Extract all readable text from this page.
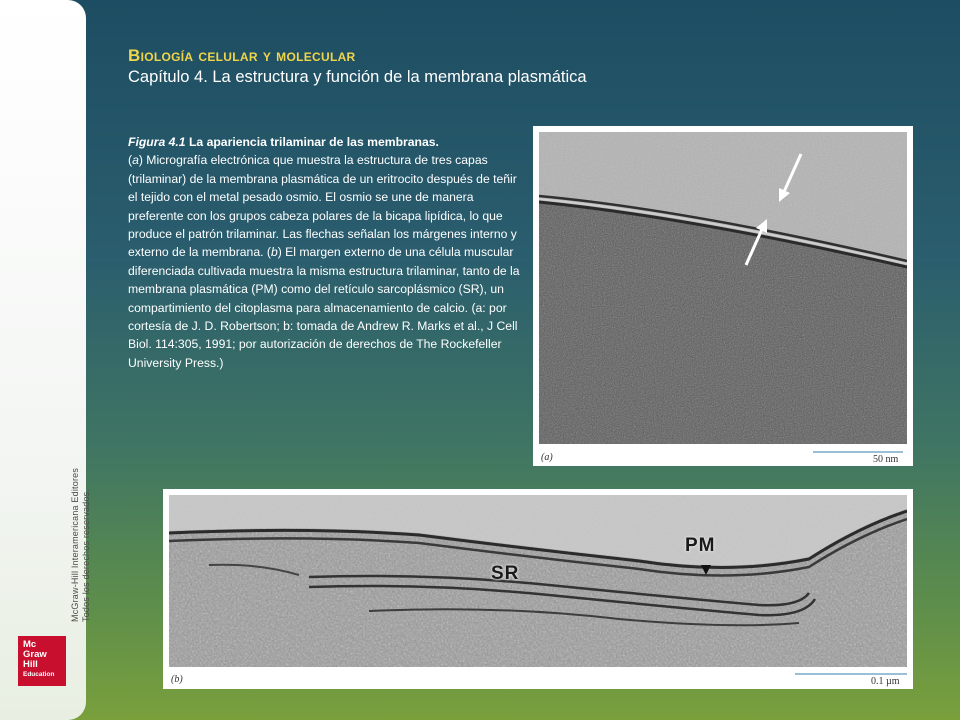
McGraw-Hill Interamericana Editores Todos los derechos reservados.
Mc
Graw
Hill
Education
Biología celular y molecular
Capítulo 4. La estructura y función de la membrana plasmática
Figura 4.1 La apariencia trilaminar de las membranas.
(a) Micrografía electrónica que muestra la estructura de tres capas (trilaminar) de la membrana plasmática de un eritrocito después de teñir el tejido con el metal pesado osmio. El osmio se une de manera preferente con los grupos cabeza polares de la bicapa lipídica, lo que produce el patrón trilaminar. Las flechas señalan los márgenes interno y externo de la membrana. (b) El margen externo de una célula muscular diferenciada cultivada muestra la misma estructura trilaminar, tanto de la membrana plasmática (PM) como del retículo sarcoplásmico (SR), un compartimiento del citoplasma para almacenamiento de calcio. (a: por cortesía de J. D. Robertson; b: tomada de Andrew R. Marks et al., J Cell Biol. 114:305, 1991; por autorización de derechos de The Rockefeller University Press.)
(a)	50 nm
PM
SR
(b)	0.1 µm
